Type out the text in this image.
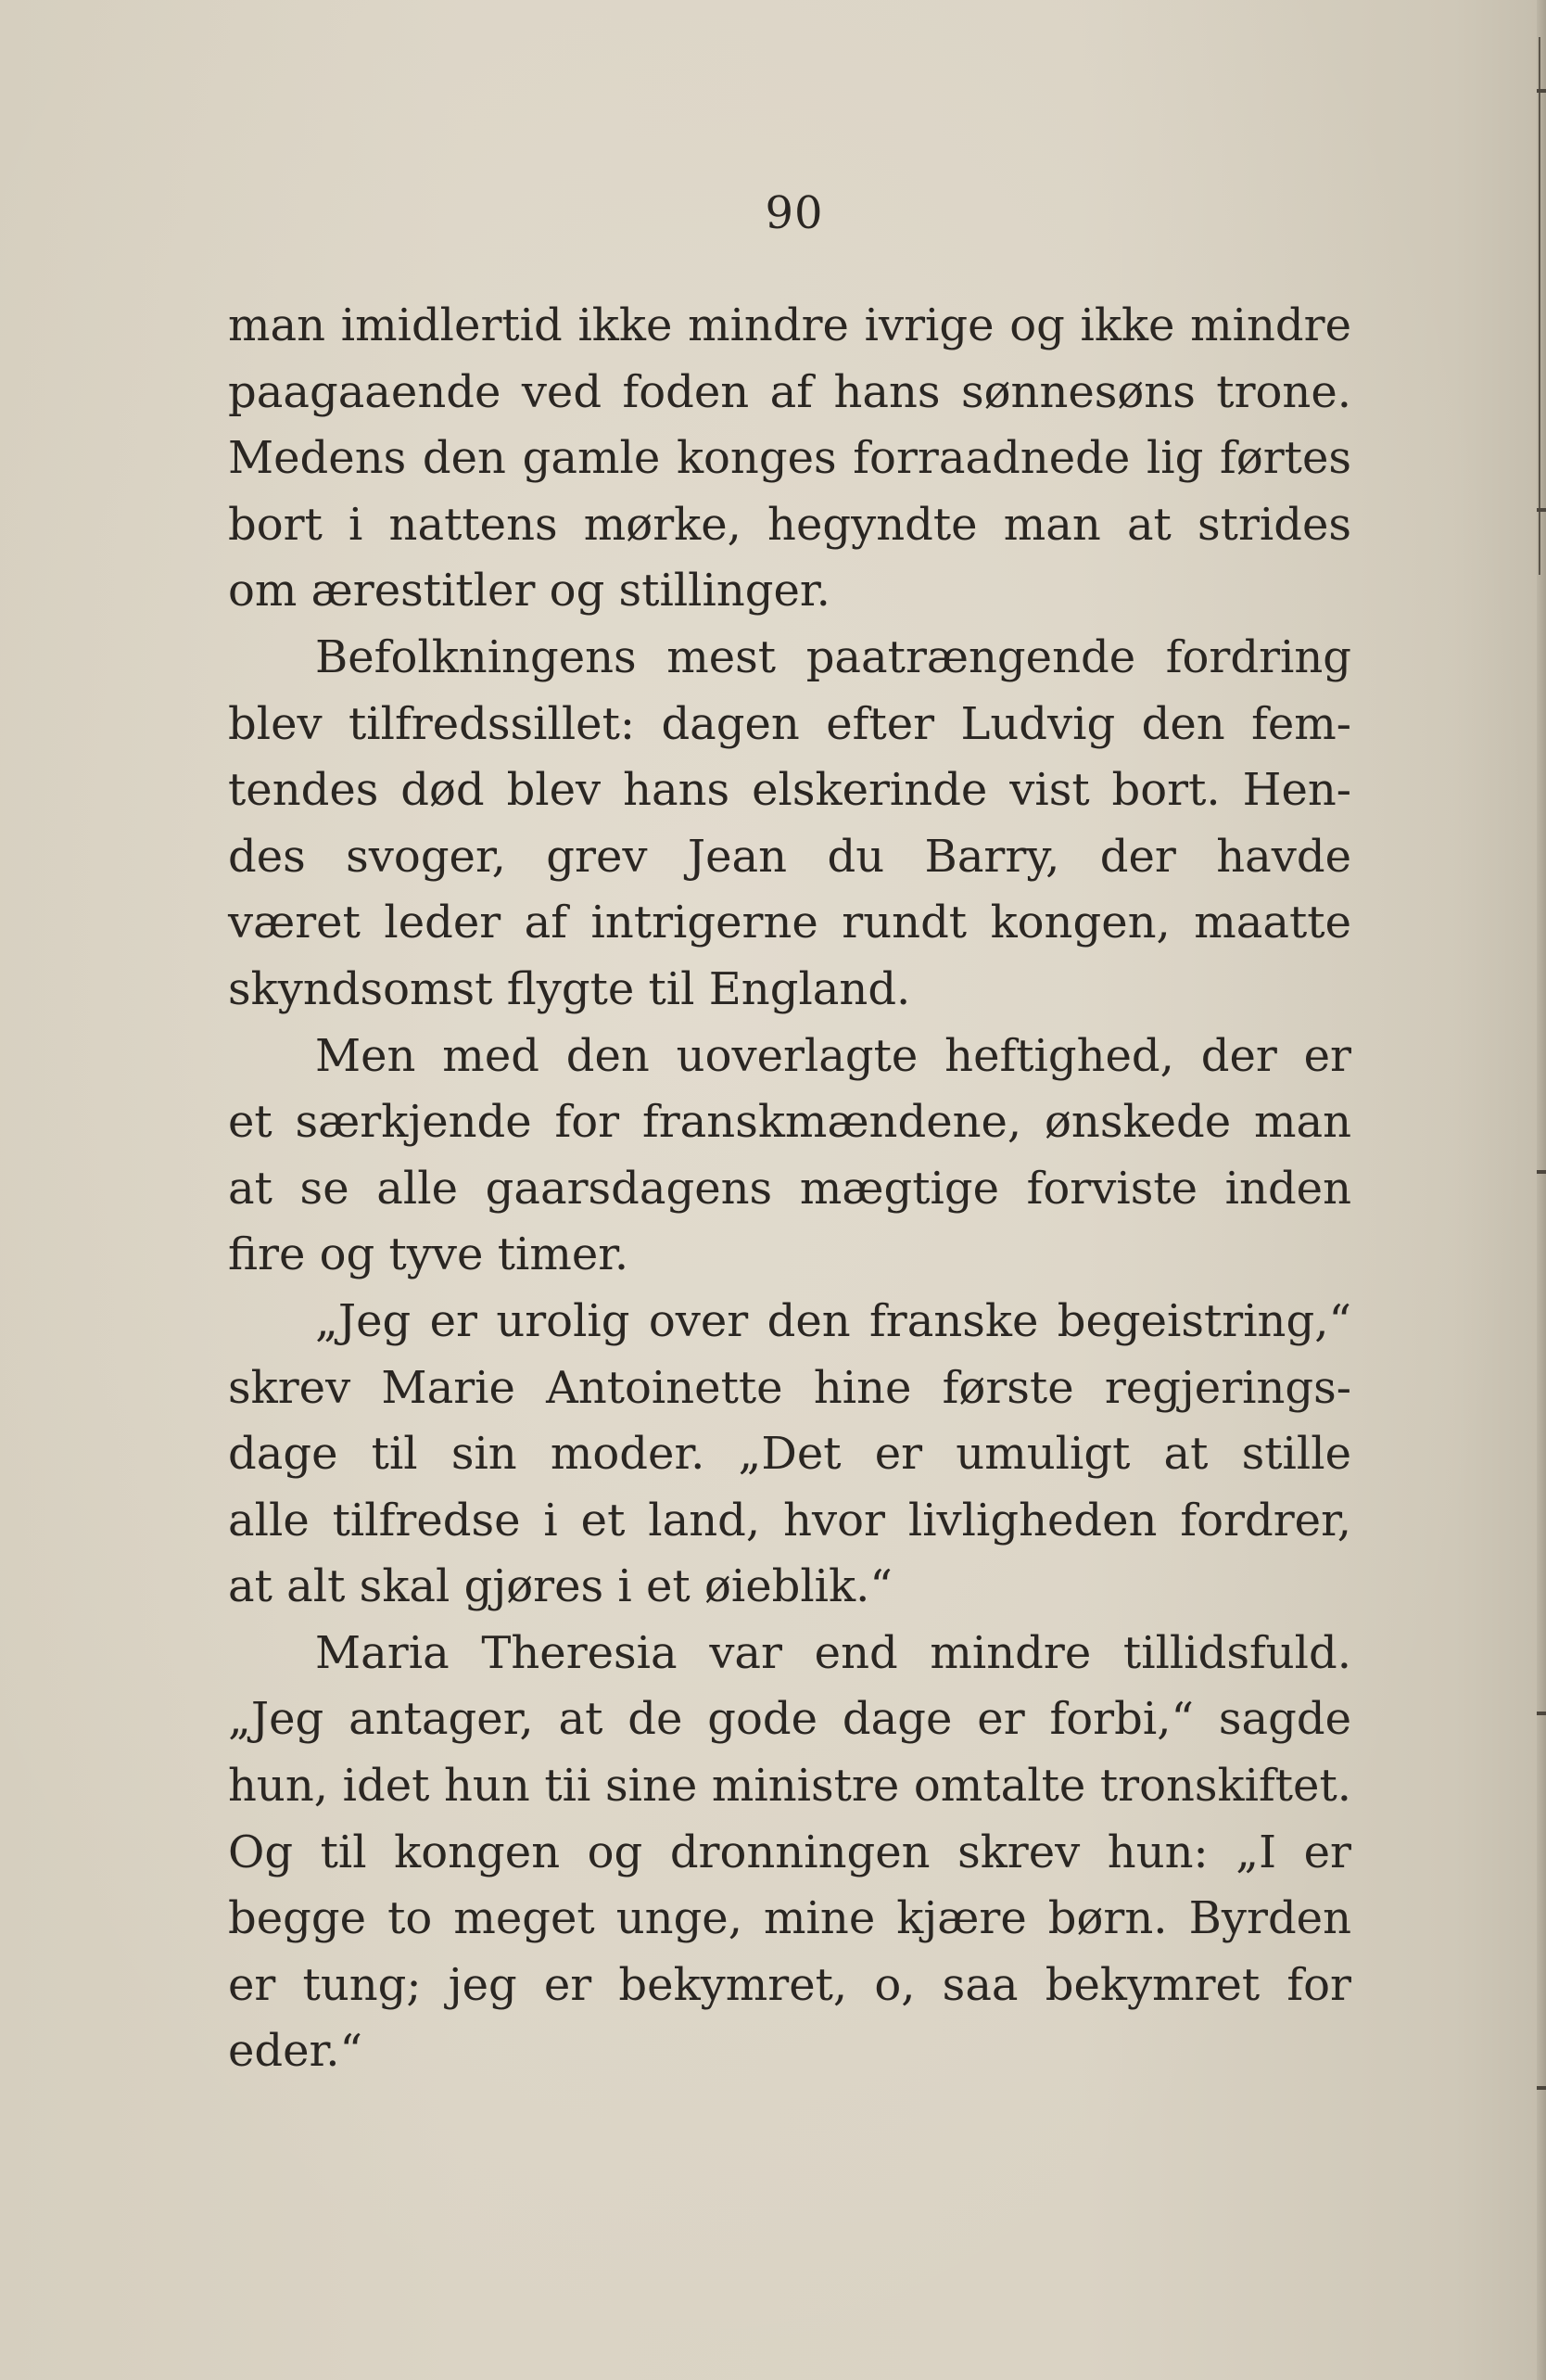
90
man imidlertid ikke mindre ivrige og ikke mindre
paagaaende ved foden af hans sønnesøns trone.
Medens den gamle konges forraadnede lig førtes
bort i nattens mørke, hegyndte man at strides
om ærestitler og stillinger.
Befolkningens mest paatrængende fordring
blev tilfredssillet: dagen efter Ludvig den fem-
tendes død blev hans elskerinde vist bort. Hen-
des svoger, grev Jean du Barry, der havde
været leder af intrigerne rundt kongen, maatte
skyndsomst flygte til England.
Men med den uoverlagte heftighed, der er
et særkjende for franskmændene, ønskede man
at se alle gaarsdagens mægtige forviste inden
fire og tyve timer.
„Jeg er urolig over den franske begeistring,“
skrev Marie Antoinette hine første regjerings-
dage til sin moder. „Det er umuligt at stille
alle tilfredse i et land, hvor livligheden fordrer,
at alt skal gjøres i et øieblik.“
Maria Theresia var end mindre tillidsfuld.
„Jeg antager, at de gode dage er forbi,“ sagde
hun, idet hun tii sine ministre omtalte tronskiftet.
Og til kongen og dronningen skrev hun: „I er
begge to meget unge, mine kjære børn. Byrden
er tung; jeg er bekymret, o, saa bekymret for
eder.“
